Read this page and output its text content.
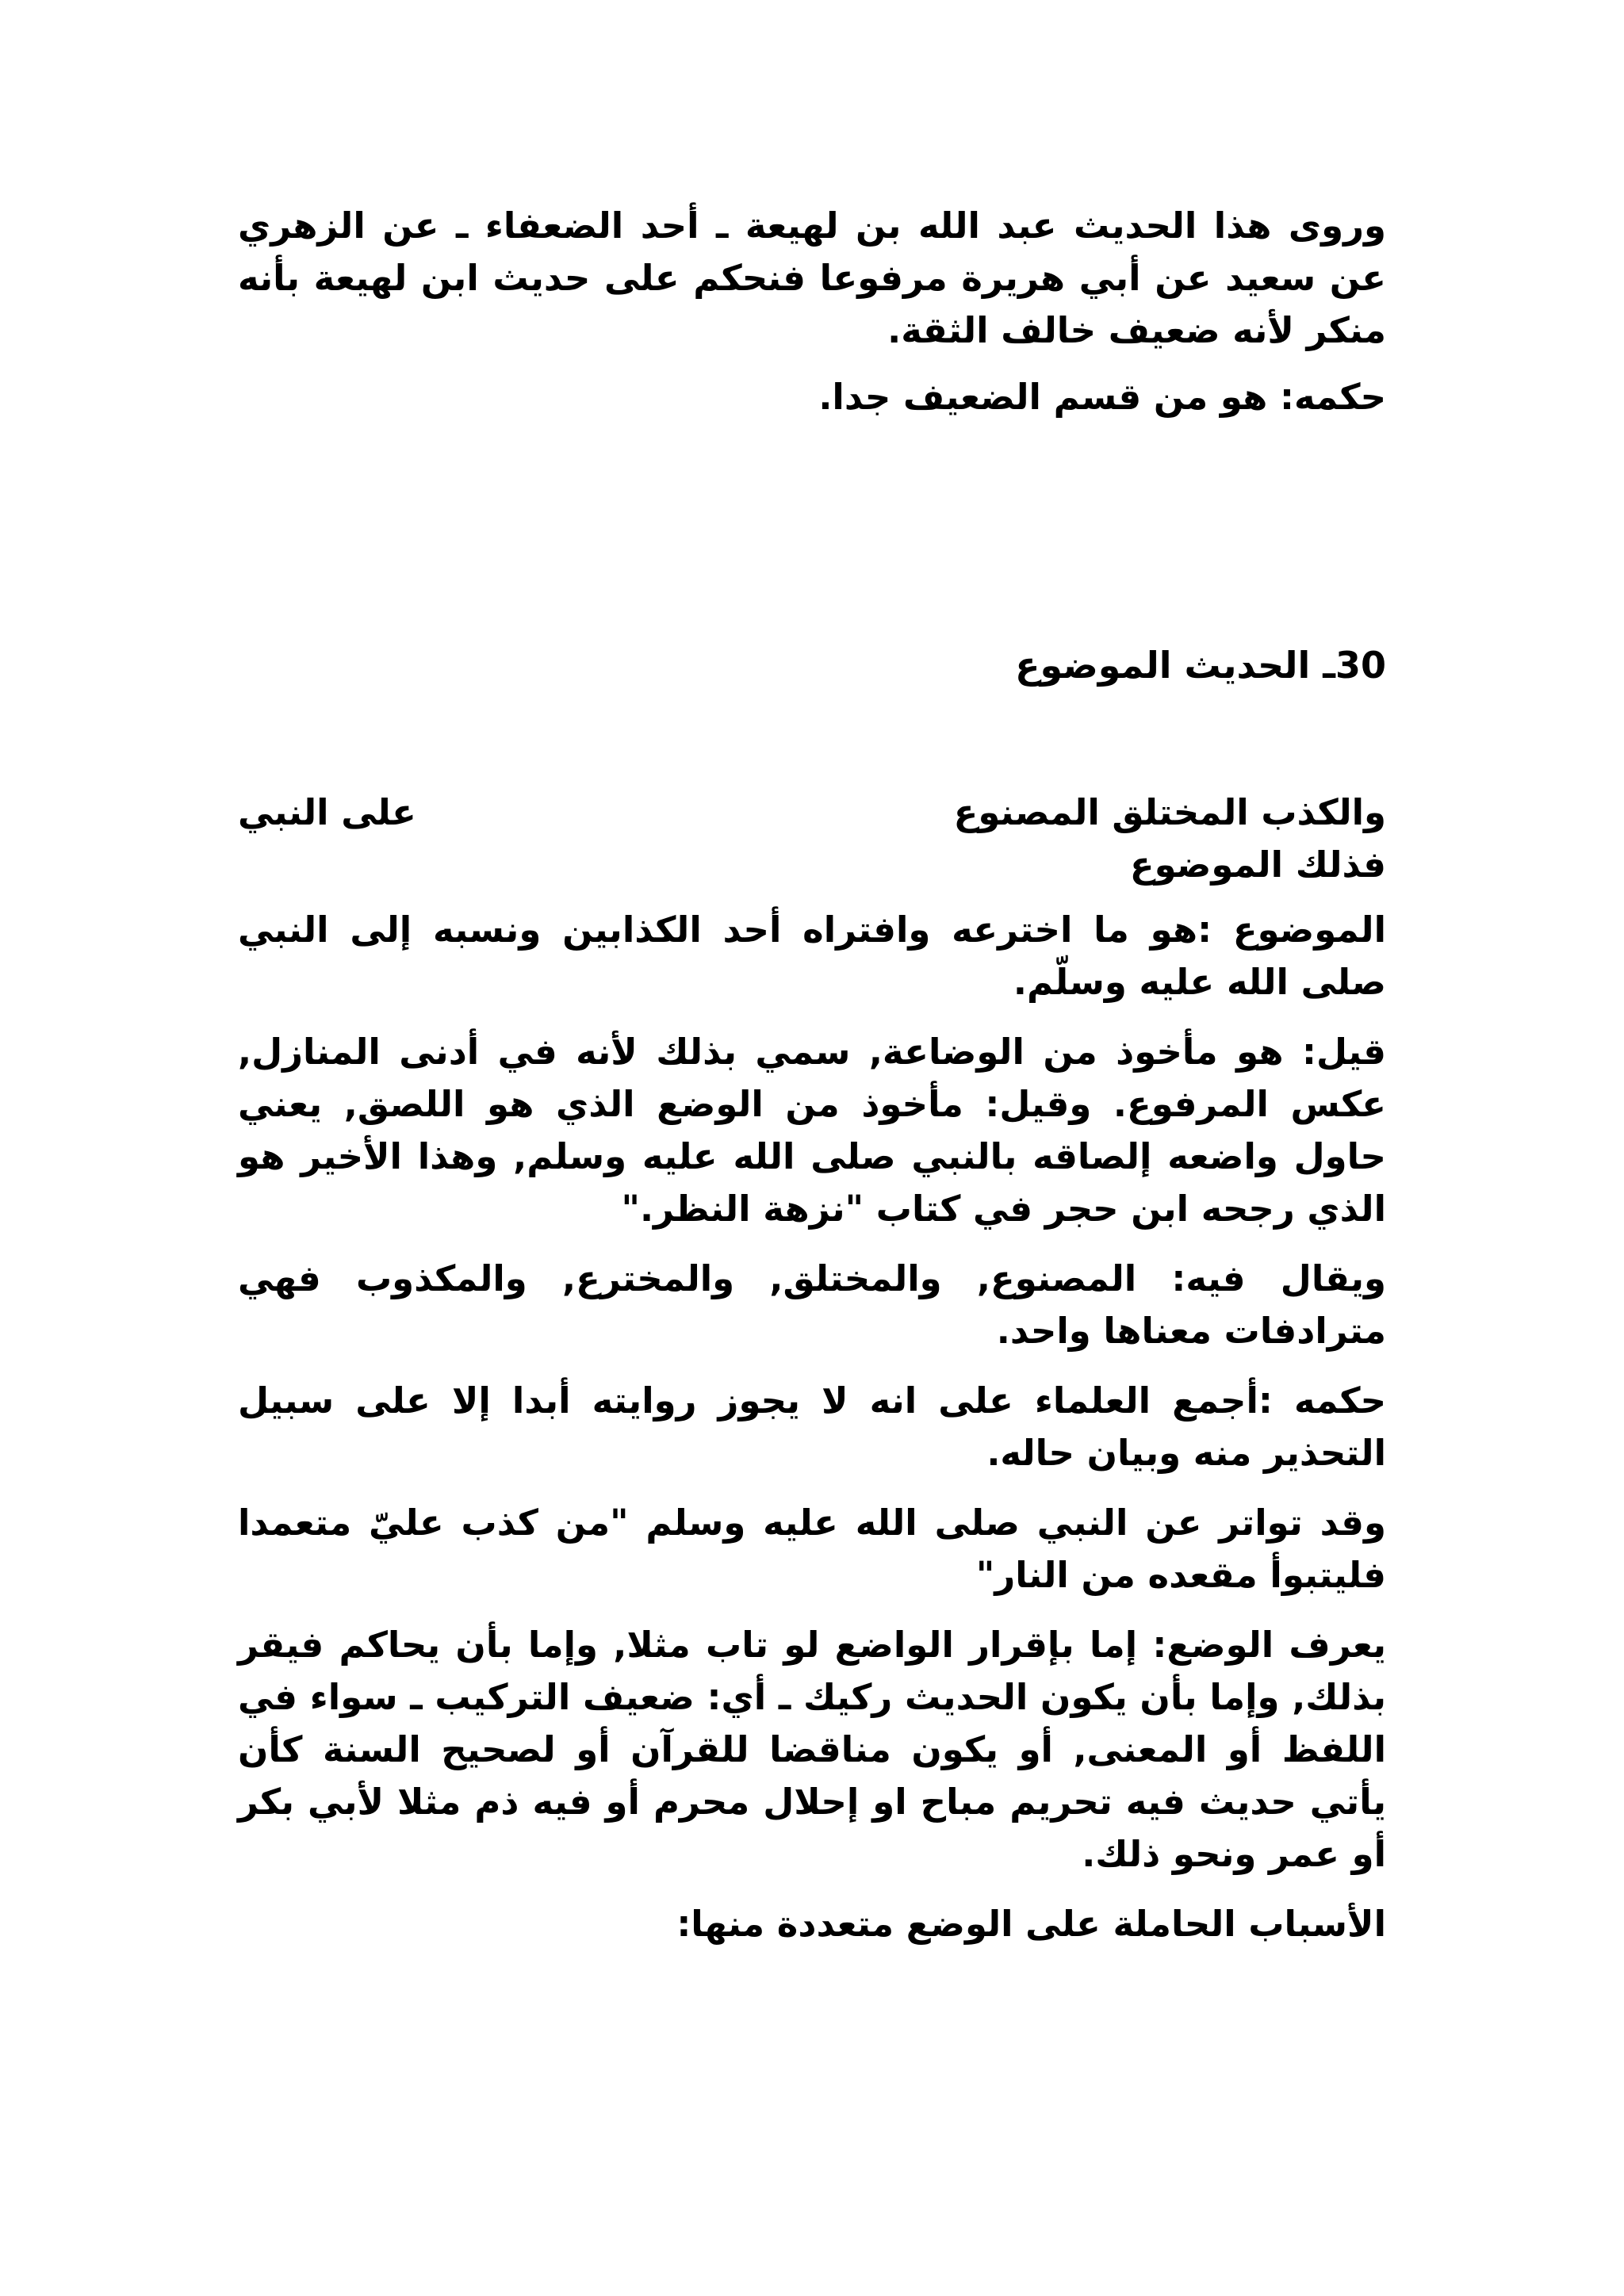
وروى هذا الحديث عبد الله بن لهيعة ـ أحد الضعفاء ـ عن الزهري عن سعيد عن أبي هريرة مرفوعا فنحكم على حديث ابن لهيعة بأنه منكر لأنه ضعيف خالف الثقة.

حكمه: هو من قسم الضعيف جدا.

30ـ الحديث الموضوع

والكذب المختلق المصنوع
على النبي
فذلك الموضوع

الموضوع :هو ما اخترعه وافتراه أحد الكذابين ونسبه إلى النبي صلى الله عليه وسلّم.

قيل: هو مأخوذ من الوضاعة, سمي بذلك لأنه في أدنى المنازل, عكس المرفوع. وقيل: مأخوذ من الوضع الذي هو اللصق, يعني حاول واضعه إلصاقه بالنبي صلى الله عليه وسلم, وهذا الأخير هو الذي رجحه ابن حجر في كتاب "نزهة النظر."

ويقال فيه: المصنوع, والمختلق, والمخترع, والمكذوب فهي مترادفات معناها واحد.

حكمه :أجمع العلماء على انه لا يجوز روايته أبدا إلا على سبيل التحذير منه وبيان حاله.

وقد تواتر عن النبي صلى الله عليه وسلم "من كذب عليّ متعمدا فليتبوأ مقعده من النار"

يعرف الوضع: إما بإقرار الواضع لو تاب مثلا, وإما بأن يحاكم فيقر بذلك, وإما بأن يكون الحديث ركيك ـ أي: ضعيف التركيب ـ سواء في اللفظ أو المعنى, أو يكون مناقضا للقرآن أو لصحيح السنة كأن يأتي حديث فيه تحريم مباح او إحلال محرم أو فيه ذم مثلا لأبي بكر أو عمر ونحو ذلك.

الأسباب الحاملة على الوضع متعددة منها:
